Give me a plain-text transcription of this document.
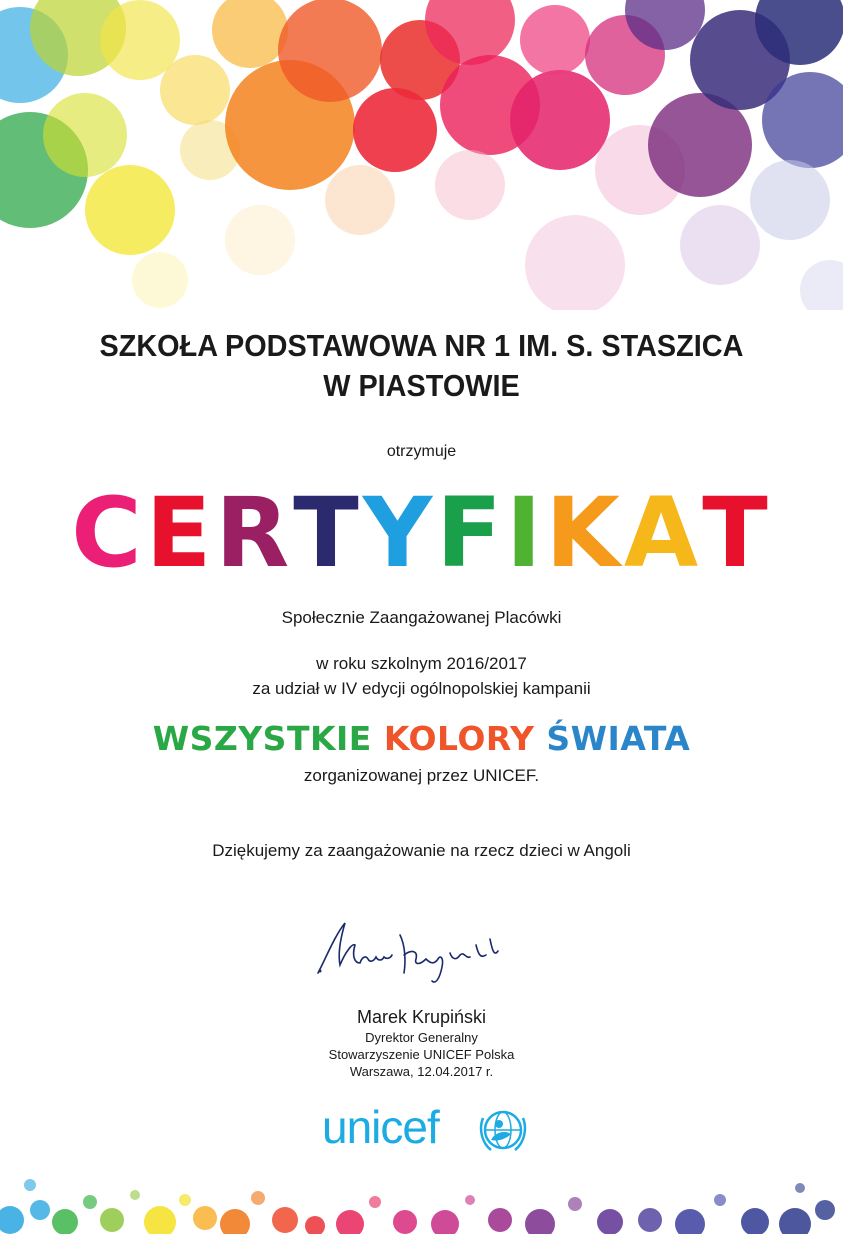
SZKOŁA PODSTAWOWA NR 1 IM. S. STASZICA
W PIASTOWIE
otrzymuje
CERTYFIKAT
Społecznie Zaangażowanej Placówki
w roku szkolnym 2016/2017
za udział w IV edycji ogólnopolskiej kampanii
WSZYSTKIE KOLORY ŚWIATA
zorganizowanej przez UNICEF.
Dziękujemy za zaangażowanie na rzecz dzieci w Angoli
Marek Krupiński
Dyrektor Generalny
Stowarzyszenie UNICEF Polska
Warszawa, 12.04.2017 r.
unicef
